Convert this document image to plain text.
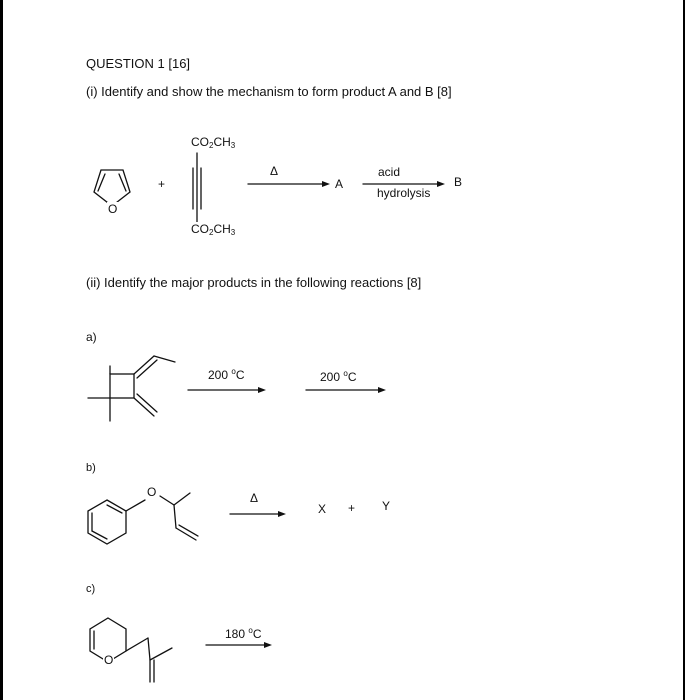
QUESTION 1 [16]
(i) Identify and show the mechanism to form product A and B [8]
(ii) Identify the major products in the following reactions [8]
O
+
$CO_2CH_3$
$CO_2CH_3$
Δ
A
acid
hydrolysis
B
a)
200 $^o$C	200 $^o$C
b)
O	Δ
X + Y
c)
O
180 $^o$C
